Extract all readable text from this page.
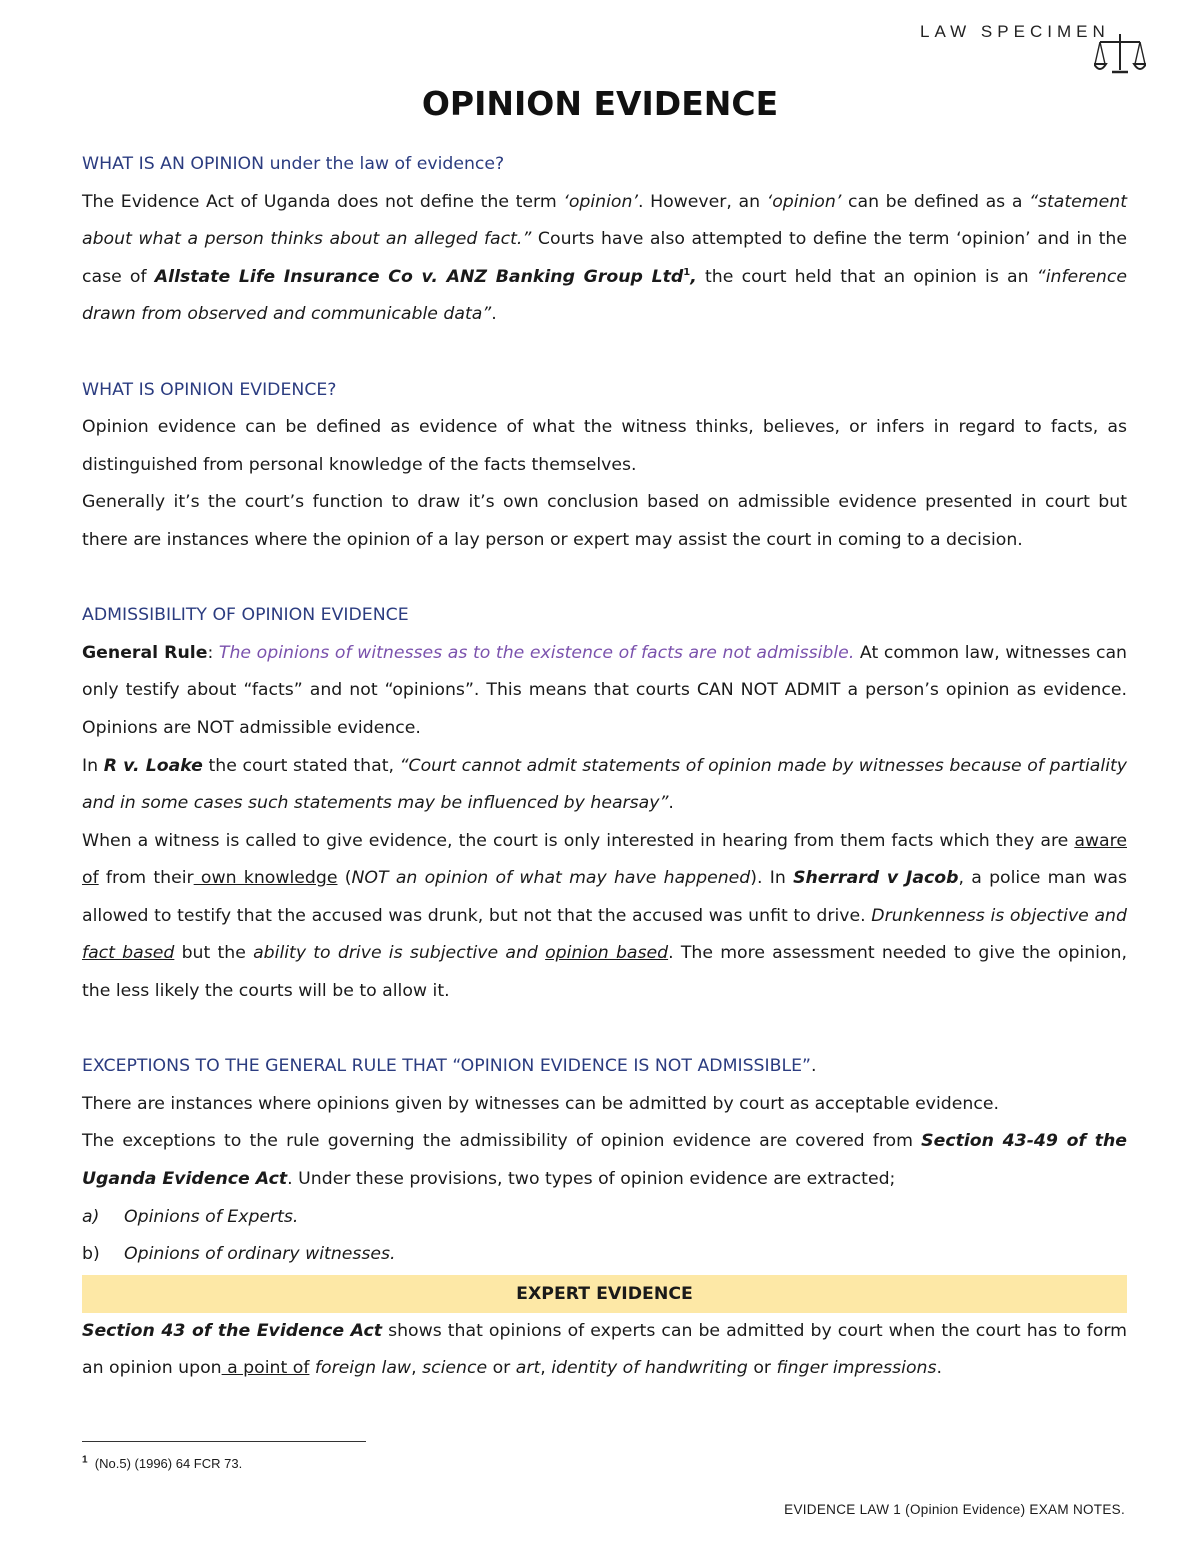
LAW SPECIMEN
OPINION EVIDENCE

WHAT IS AN OPINION under the law of evidence?

The Evidence Act of Uganda does not define the term ‘opinion’. However, an ‘opinion’ can be defined as a “statement about what a person thinks about an alleged fact.” Courts have also attempted to define the term ‘opinion’ and in the case of Allstate Life Insurance Co v. ANZ Banking Group Ltd$^1$, the court held that an opinion is an “inference drawn from observed and communicable data”.

WHAT IS OPINION EVIDENCE?

Opinion evidence can be defined as evidence of what the witness thinks, believes, or infers in regard to facts, as distinguished from personal knowledge of the facts themselves.

Generally it’s the court’s function to draw it’s own conclusion based on admissible evidence presented in court but there are instances where the opinion of a lay person or expert may assist the court in coming to a decision.

ADMISSIBILITY OF OPINION EVIDENCE

General Rule: The opinions of witnesses as to the existence of facts are not admissible. At common law, witnesses can only testify about “facts” and not “opinions”. This means that courts CAN NOT ADMIT a person’s opinion as evidence. Opinions are NOT admissible evidence.

In R v. Loake the court stated that, “Court cannot admit statements of opinion made by witnesses because of partiality and in some cases such statements may be influenced by hearsay”.

When a witness is called to give evidence, the court is only interested in hearing from them facts which they are aware of from their own knowledge (NOT an opinion of what may have happened). In Sherrard v Jacob, a police man was allowed to testify that the accused was drunk, but not that the accused was unfit to drive. Drunkenness is objective and fact based but the ability to drive is subjective and opinion based. The more assessment needed to give the opinion, the less likely the courts will be to allow it.

EXCEPTIONS TO THE GENERAL RULE THAT “OPINION EVIDENCE IS NOT ADMISSIBLE”.

There are instances where opinions given by witnesses can be admitted by court as acceptable evidence.

The exceptions to the rule governing the admissibility of opinion evidence are covered from Section 43-49 of the Uganda Evidence Act. Under these provisions, two types of opinion evidence are extracted;

a)	Opinions of Experts.
b)	Opinions of ordinary witnesses.
EXPERT EVIDENCE

Section 43 of the Evidence Act shows that opinions of experts can be admitted by court when the court has to form an opinion upon a point of foreign law, science or art, identity of handwriting or finger impressions.

$^1$ (No.5) (1996) 64 FCR 73.
EVIDENCE LAW 1 (Opinion Evidence) EXAM NOTES.
